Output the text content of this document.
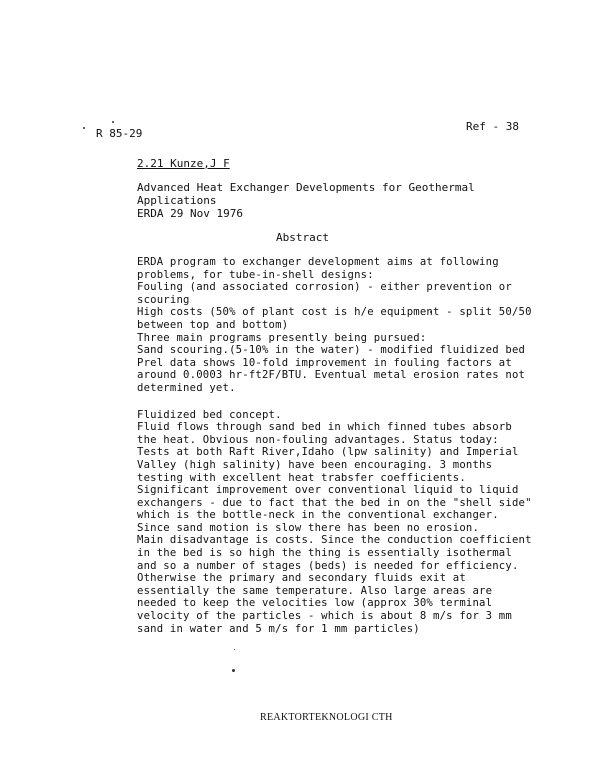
R 85-29
Ref - 38
2.21 Kunze,J F
Advanced Heat Exchanger Developments for Geothermal
Applications
ERDA 29 Nov 1976
Abstract
ERDA program to exchanger development aims at following
problems, for tube-in-shell designs:
Fouling (and associated corrosion) - either prevention or
scouring
High costs (50% of plant cost is h/e equipment - split 50/50
between top and bottom)
Three main programs presently being pursued:
Sand scouring.(5-10% in the water) - modified fluidized bed
Prel data shows 10-fold improvement in fouling factors at
around 0.0003 hr-ft2F/BTU. Eventual metal erosion rates not
determined yet.
Fluidized bed concept.
Fluid flows through sand bed in which finned tubes absorb
the heat. Obvious non-fouling advantages. Status today:
Tests at both Raft River,Idaho (lpw salinity) and Imperial
Valley (high salinity) have been encouraging. 3 months
testing with excellent heat trabsfer coefficients.
Significant improvement over conventional liquid to liquid
exchangers - due to fact that the bed in on the "shell side"
which is the bottle-neck in the conventional exchanger.
Since sand motion is slow there has been no erosion.
Main disadvantage is costs. Since the conduction coefficient
in the bed is so high the thing is essentially isothermal
and so a number of stages (beds) is needed for efficiency.
Otherwise the primary and secondary fluids exit at
essentially the same temperature. Also large areas are
needed to keep the velocities low (approx 30% terminal
velocity of the particles - which is about 8 m/s for 3 mm
sand in water and 5 m/s for 1 mm particles)
REAKTORTEKNOLOGI CTH
